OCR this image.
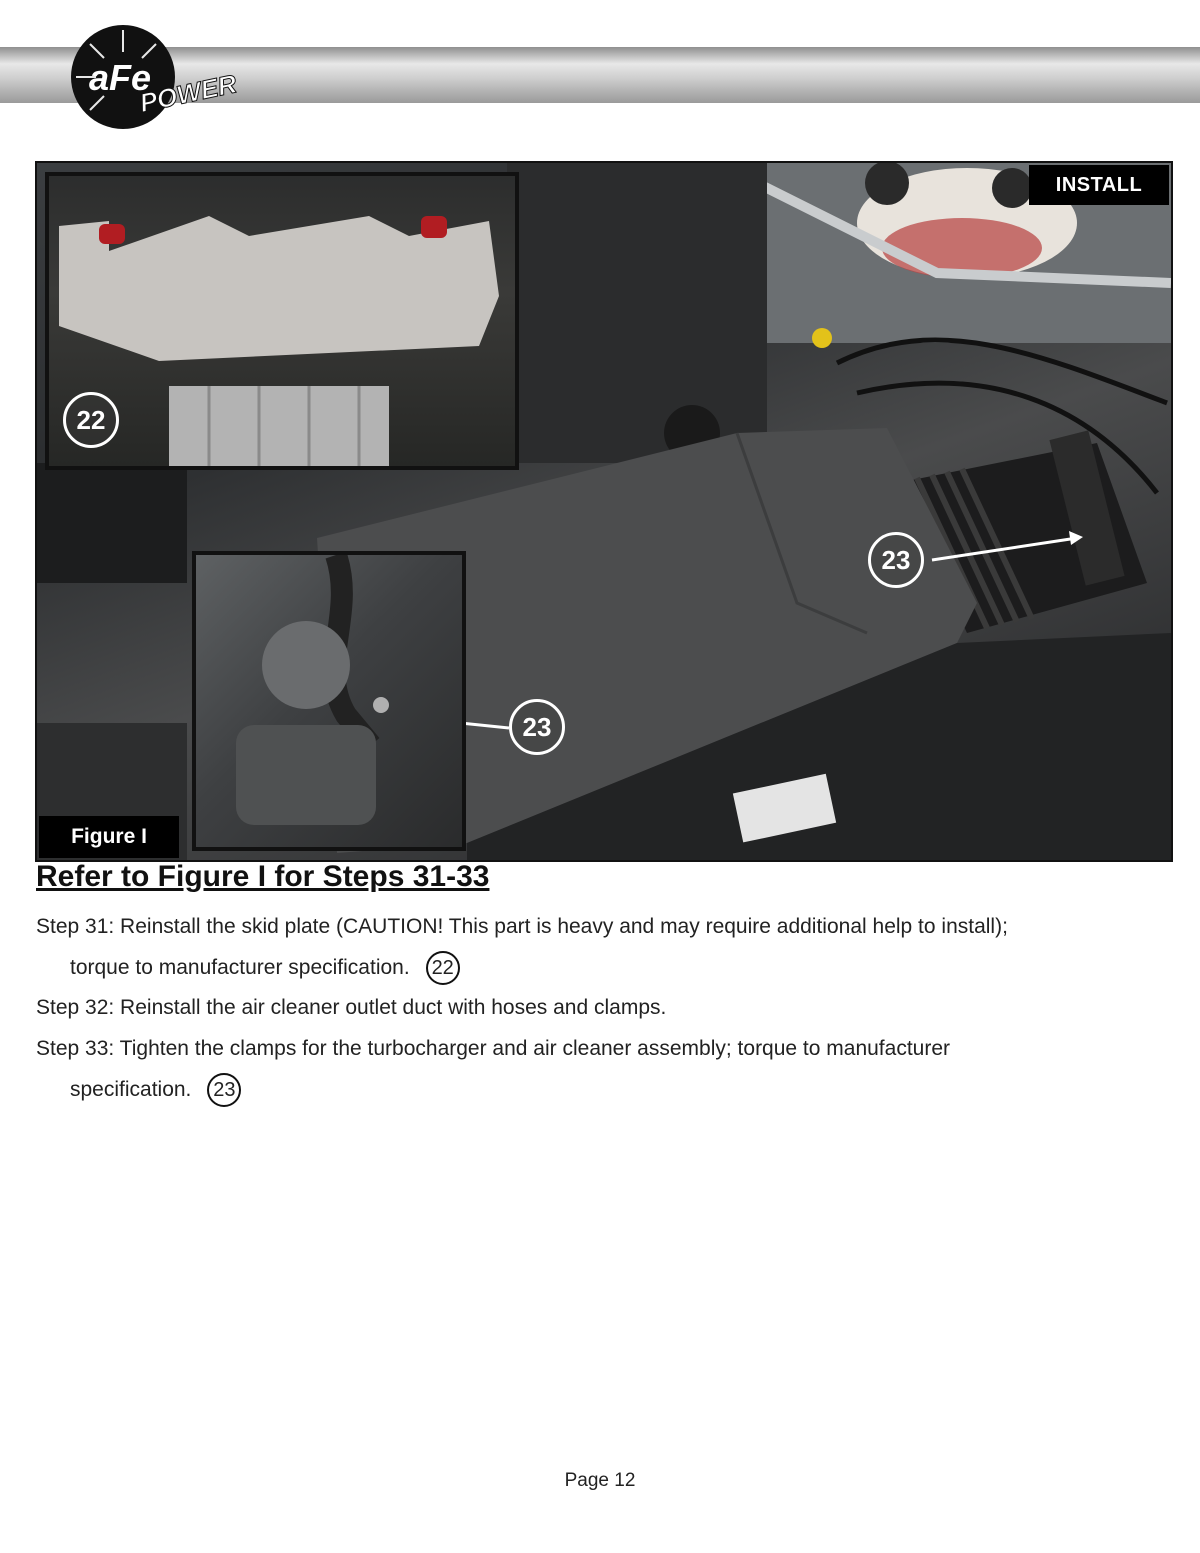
aFe
POWER
22
23
23
INSTALL
Figure I
Refer to Figure I for Steps 31-33

Step 31: Reinstall the skid plate (CAUTION! This part is heavy and may require additional help to install);
torque to manufacturer specification. 22

Step 32: Reinstall the air cleaner outlet duct with hoses and clamps.

Step 33: Tighten the clamps for the turbocharger and air cleaner assembly; torque to manufacturer
specification. 23

Page 12
